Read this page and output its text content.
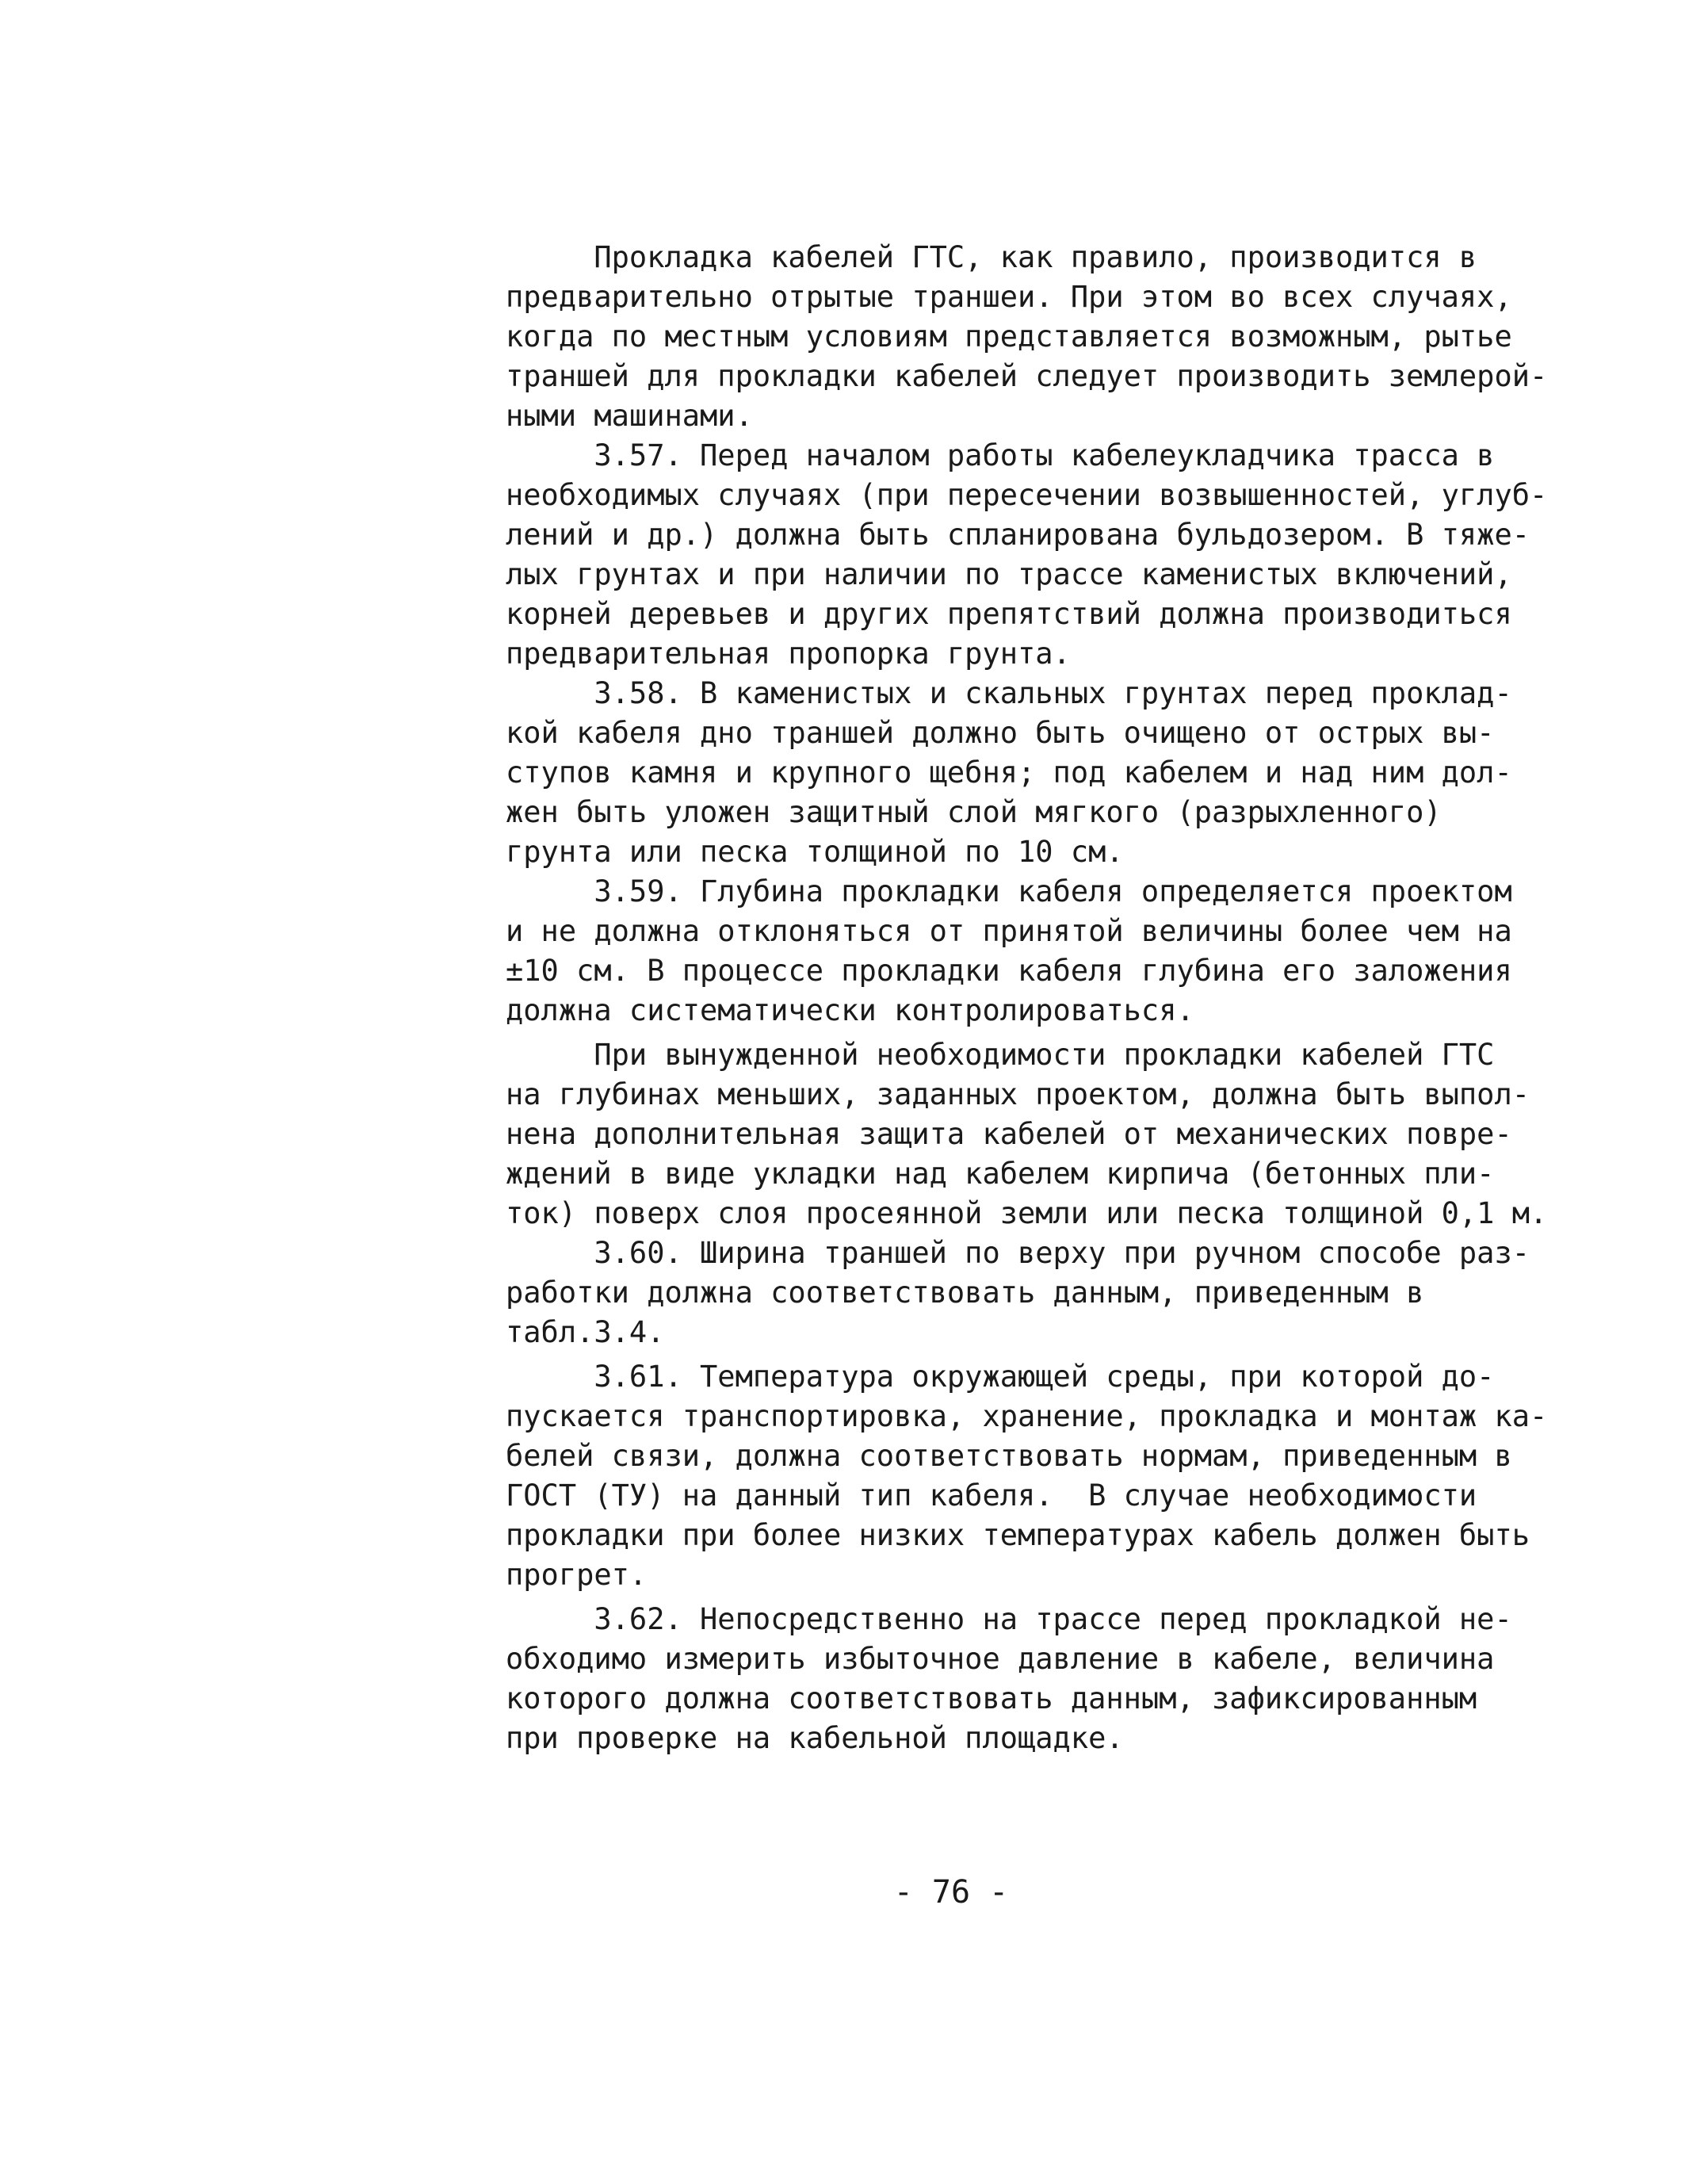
Прокладка кабелей ГТС, как правило, производится в
предварительно отрытые траншеи. При этом во всех случаях,
когда по местным условиям представляется возможным, рытье
траншей для прокладки кабелей следует производить землерой-
ными машинами.
3.57. Перед началом работы кабелеукладчика трасса в
необходимых случаях (при пересечении возвышенностей, углуб-
лений и др.) должна быть спланирована бульдозером. В тяже-
лых грунтах и при наличии по трассе каменистых включений,
корней деревьев и других препятствий должна производиться
предварительная пропорка грунта.
3.58. В каменистых и скальных грунтах перед проклад-
кой кабеля дно траншей должно быть очищено от острых вы-
ступов камня и крупного щебня; под кабелем и над ним дол-
жен быть уложен защитный слой мягкого (разрыхленного)
грунта или песка толщиной по 10 см.
3.59. Глубина прокладки кабеля определяется проектом
и не должна отклоняться от принятой величины более чем на
±10 см. В процессе прокладки кабеля глубина его заложения
должна систематически контролироваться.
При вынужденной необходимости прокладки кабелей ГТС
на глубинах меньших, заданных проектом, должна быть выпол-
нена дополнительная защита кабелей от механических повре-
ждений в виде укладки над кабелем кирпича (бетонных пли-
ток) поверх слоя просеянной земли или песка толщиной 0,1 м.
3.60. Ширина траншей по верху при ручном способе раз-
работки должна соответствовать данным, приведенным в
табл.3.4.
3.61. Температура окружающей среды, при которой до-
пускается транспортировка, хранение, прокладка и монтаж ка-
белей связи, должна соответствовать нормам, приведенным в
ГОСТ (ТУ) на данный тип кабеля.  В случае необходимости
прокладки при более низких температурах кабель должен быть
прогрет.
3.62. Непосредственно на трассе перед прокладкой не-
обходимо измерить избыточное давление в кабеле, величина
которого должна соответствовать данным, зафиксированным
при проверке на кабельной площадке.
- 76 -
